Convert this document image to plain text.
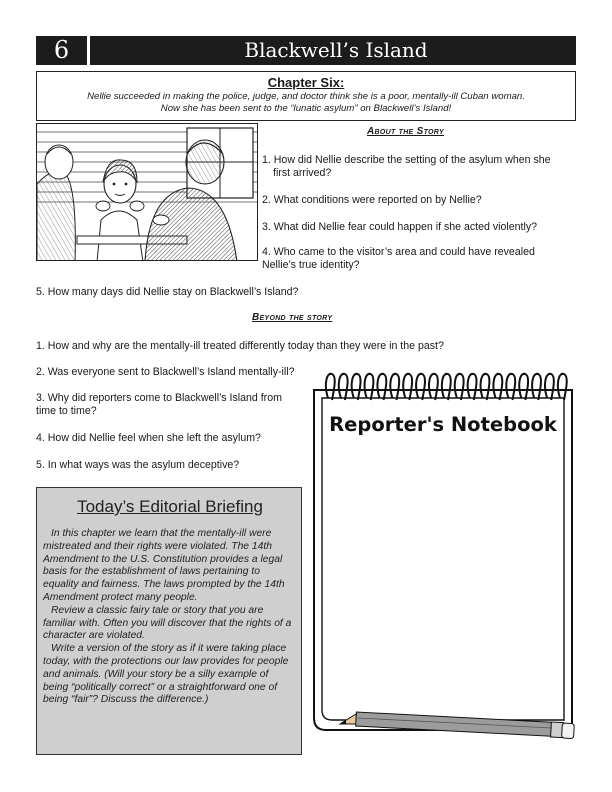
6	Blackwell’s Island
Chapter Six:
Nellie succeeded in making the police, judge, and doctor think she is a poor, mentally-ill Cuban woman. Now she has been sent to the “lunatic asylum” on Blackwell’s Island!
About the Story
1. How did Nellie describe the setting of the asylum when she
first arrived?
2. What conditions were reported on by Nellie?
3. What did Nellie fear could happen if she acted violently?
4. Who came to the visitor’s area and could have revealed
Nellie’s true identity?
5. How many days did Nellie stay on Blackwell’s Island?
Beyond the story
1. How and why are the mentally-ill treated differently today than they were in the past?
2. Was everyone sent to Blackwell’s Island mentally-ill?
3. Why did reporters come to Blackwell’s Island from
time to time?
4. How did Nellie feel when she left the asylum?
5. In what ways was the asylum deceptive?
Today’s Editorial Briefing
In this chapter we learn that the mentally-ill were mistreated and their rights were violated. The 14th Amendment to the U.S. Constitution provides a legal basis for the establishment of laws pertaining to equality and fairness. The laws prompted by the 14th Amendment protect many people.
Review a classic fairy tale or story that you are familiar with. Often you will discover that the rights of a character are violated.
Write a version of the story as if it were taking place today, with the protections our law provides for people and animals. (Will your story be a silly example of being “politically correct” or a straightforward one of being “fair”? Discuss the difference.)
Reporter's Notebook
